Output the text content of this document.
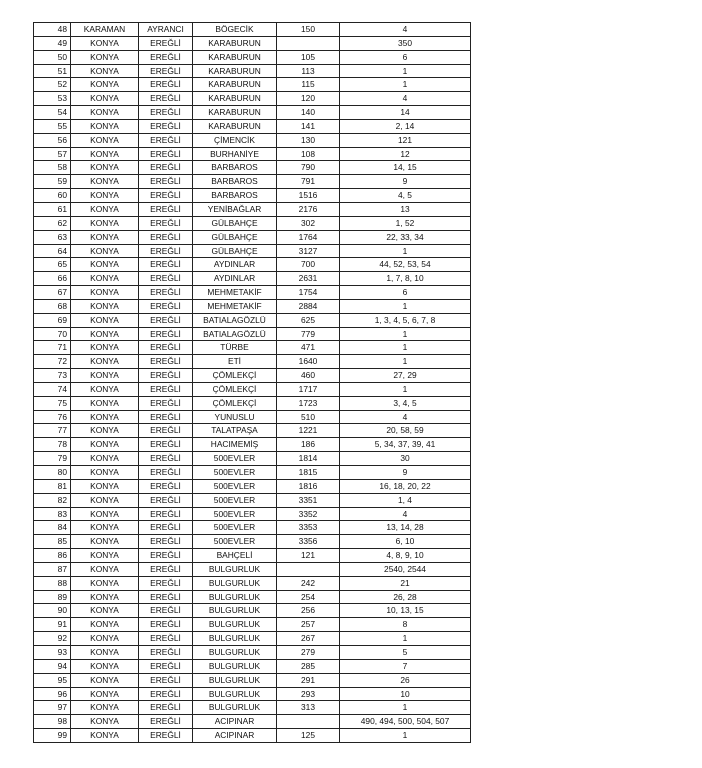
48	KARAMAN	AYRANCI	BÖGECİK	150	4
49	KONYA	EREĞLİ	KARABURUN		350
50	KONYA	EREĞLİ	KARABURUN	105	6
51	KONYA	EREĞLİ	KARABURUN	113	1
52	KONYA	EREĞLİ	KARABURUN	115	1
53	KONYA	EREĞLİ	KARABURUN	120	4
54	KONYA	EREĞLİ	KARABURUN	140	14
55	KONYA	EREĞLİ	KARABURUN	141	2, 14
56	KONYA	EREĞLİ	ÇİMENCİK	130	121
57	KONYA	EREĞLİ	BURHANİYE	108	12
58	KONYA	EREĞLİ	BARBAROS	790	14, 15
59	KONYA	EREĞLİ	BARBAROS	791	9
60	KONYA	EREĞLİ	BARBAROS	1516	4, 5
61	KONYA	EREĞLİ	YENİBAĞLAR	2176	13
62	KONYA	EREĞLİ	GÜLBAHÇE	302	1, 52
63	KONYA	EREĞLİ	GÜLBAHÇE	1764	22, 33, 34
64	KONYA	EREĞLİ	GÜLBAHÇE	3127	1
65	KONYA	EREĞLİ	AYDINLAR	700	44, 52, 53, 54
66	KONYA	EREĞLİ	AYDINLAR	2631	1, 7, 8, 10
67	KONYA	EREĞLİ	MEHMETAKİF	1754	6
68	KONYA	EREĞLİ	MEHMETAKİF	2884	1
69	KONYA	EREĞLİ	BATIALAGÖZLÜ	625	1, 3, 4, 5, 6, 7, 8
70	KONYA	EREĞLİ	BATIALAGÖZLÜ	779	1
71	KONYA	EREĞLİ	TÜRBE	471	1
72	KONYA	EREĞLİ	ETİ	1640	1
73	KONYA	EREĞLİ	ÇÖMLEKÇİ	460	27, 29
74	KONYA	EREĞLİ	ÇÖMLEKÇİ	1717	1
75	KONYA	EREĞLİ	ÇÖMLEKÇİ	1723	3, 4, 5
76	KONYA	EREĞLİ	YUNUSLU	510	4
77	KONYA	EREĞLİ	TALATPAŞA	1221	20, 58, 59
78	KONYA	EREĞLİ	HACIMEMİŞ	186	5, 34, 37, 39, 41
79	KONYA	EREĞLİ	500EVLER	1814	30
80	KONYA	EREĞLİ	500EVLER	1815	9
81	KONYA	EREĞLİ	500EVLER	1816	16, 18, 20, 22
82	KONYA	EREĞLİ	500EVLER	3351	1, 4
83	KONYA	EREĞLİ	500EVLER	3352	4
84	KONYA	EREĞLİ	500EVLER	3353	13, 14, 28
85	KONYA	EREĞLİ	500EVLER	3356	6, 10
86	KONYA	EREĞLİ	BAHÇELİ	121	4, 8, 9, 10
87	KONYA	EREĞLİ	BULGURLUK		2540, 2544
88	KONYA	EREĞLİ	BULGURLUK	242	21
89	KONYA	EREĞLİ	BULGURLUK	254	26, 28
90	KONYA	EREĞLİ	BULGURLUK	256	10, 13, 15
91	KONYA	EREĞLİ	BULGURLUK	257	8
92	KONYA	EREĞLİ	BULGURLUK	267	1
93	KONYA	EREĞLİ	BULGURLUK	279	5
94	KONYA	EREĞLİ	BULGURLUK	285	7
95	KONYA	EREĞLİ	BULGURLUK	291	26
96	KONYA	EREĞLİ	BULGURLUK	293	10
97	KONYA	EREĞLİ	BULGURLUK	313	1
98	KONYA	EREĞLİ	ACIPINAR		490, 494, 500, 504, 507
99	KONYA	EREĞLİ	ACIPINAR	125	1
